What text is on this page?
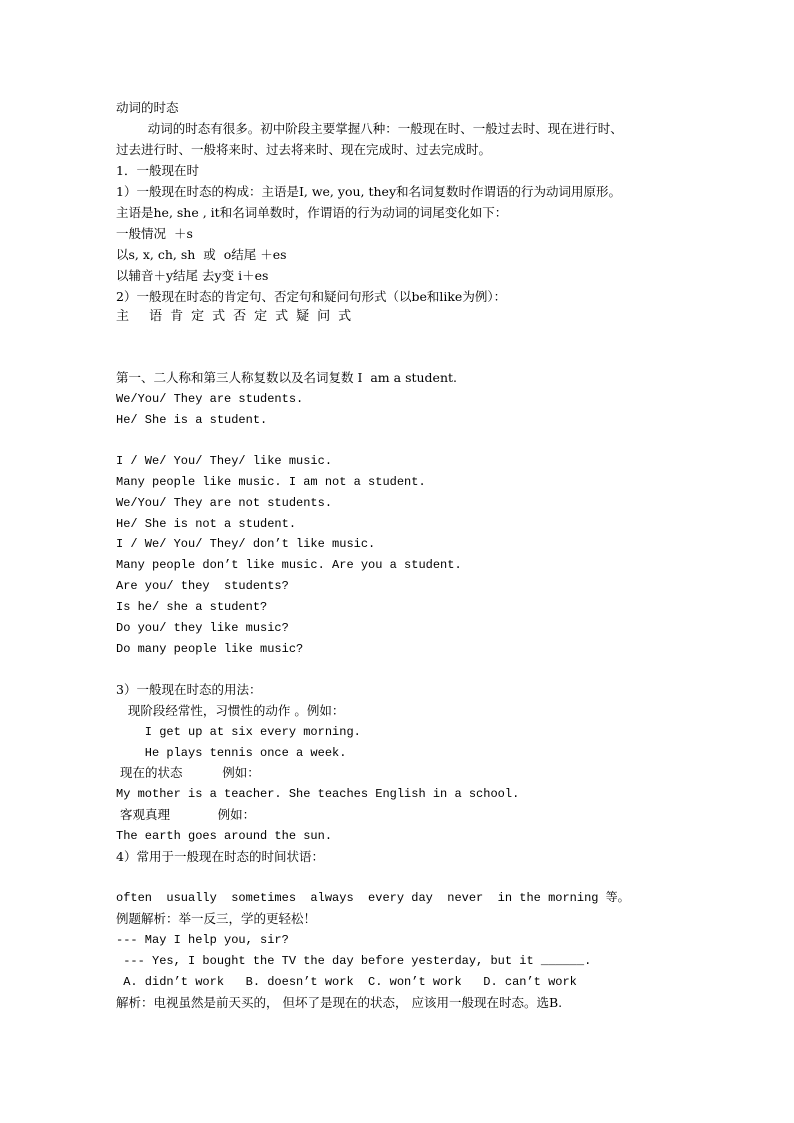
动词的时态
动词的时态有很多。初中阶段主要掌握八种：一般现在时、一般过去时、现在进行时、
过去进行时、一般将来时、过去将来时、现在完成时、过去完成时。
1．一般现在时
1）一般现在时态的构成：主语是I, we, you, they和名词复数时作谓语的行为动词用原形。
主语是he, she , it和名词单数时，作谓语的行为动词的词尾变化如下：
一般情况  ＋s
以s, x, ch, sh  或  o结尾 ＋es
以辅音＋y结尾 去y变 i＋es
2）一般现在时态的肯定句、否定句和疑问句形式（以be和like为例）：
主 语肯定式否定式疑问式
第一、二人称和第三人称复数以及名词复数 I  am a student.
We/You/ They are students.
He/ She is a student.
I / We/ You/ They/ like music.
Many people like music. I am not a student.
We/You/ They are not students.
He/ She is not a student.
I / We/ You/ They/ don’t like music.
Many people don’t like music. Are you a student.
Are you/ they  students?
Is he/ she a student?
Do you/ they like music?
Do many people like music?
3）一般现在时态的用法：
现阶段经常性，习惯性的动作 。例如：
I get up at six every morning.
He plays tennis once a week.
现在的状态          例如：
My mother is a teacher. She teaches English in a school.
客观真理            例如：
The earth goes around the sun.
4）常用于一般现在时态的时间状语：
often  usually  sometimes  always  every day  never  in the morning 等。
例题解析：举一反三，学的更轻松！
--- May I help you, sir?
--- Yes, I bought the TV the day before yesterday, but it ______.
A. didn’t work   B. doesn’t work  C. won’t work   D. can’t work
解析：电视虽然是前天买的， 但坏了是现在的状态， 应该用一般现在时态。选B.
